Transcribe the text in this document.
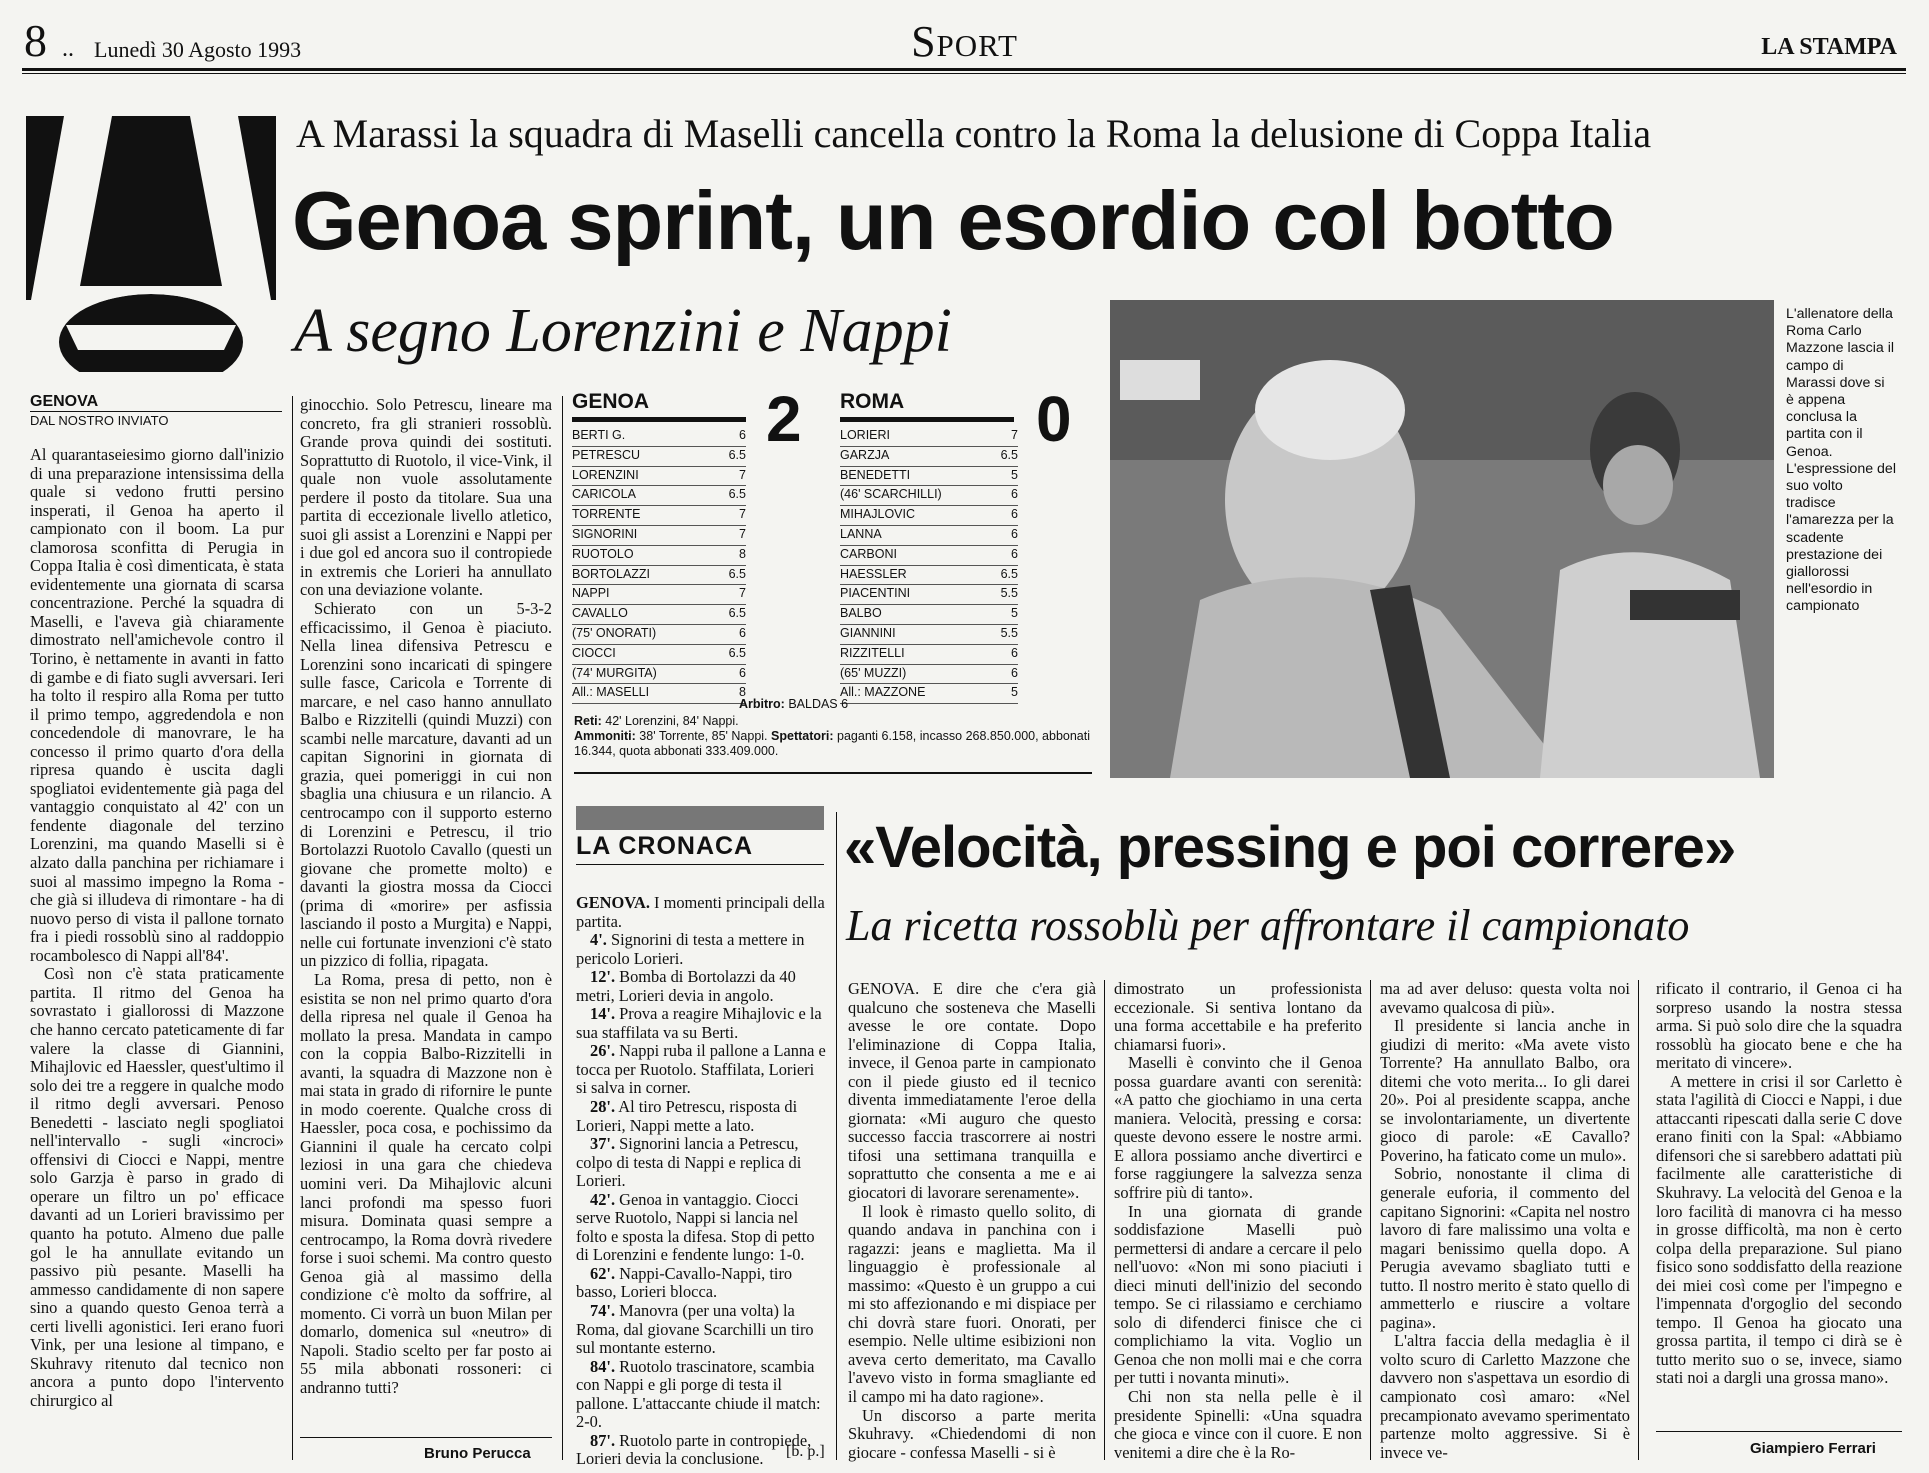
8 .. Lunedì 30 Agosto 1993	Sport	LA STAMPA
A Marassi la squadra di Maselli cancella contro la Roma la delusione di Coppa Italia
Genoa sprint, un esordio col botto
A segno Lorenzini e Nappi
GENOVA
DAL NOSTRO INVIATO

Al quarantaseiesimo giorno dall'inizio di una preparazione intensissima della quale si vedono frutti persino insperati, il Genoa ha aperto il campionato con il boom. La pur clamorosa sconfitta di Perugia in Coppa Italia è così dimenticata, è stata evidentemente una giornata di scarsa concentrazione. Perché la squadra di Maselli, e l'aveva già chiaramente dimostrato nell'amichevole contro il Torino, è nettamente in avanti in fatto di gambe e di fiato sugli avversari. Ieri ha tolto il respiro alla Roma per tutto il primo tempo, aggredendola e non concedendole di manovrare, le ha concesso il primo quarto d'ora della ripresa quando è uscita dagli spogliatoi evidentemente già paga del vantaggio conquistato al 42' con un fendente diagonale del terzino Lorenzini, ma quando Maselli si è alzato dalla panchina per richiamare i suoi al massimo impegno la Roma - che già si illudeva di rimontare - ha di nuovo perso di vista il pallone tornato fra i piedi rossoblù sino al raddoppio rocambolesco di Nappi all'84'.

Così non c'è stata praticamente partita. Il ritmo del Genoa ha sovrastato i giallorossi di Mazzone che hanno cercato pateticamente di far valere la classe di Giannini, Mihajlovic ed Haessler, quest'ultimo il solo dei tre a reggere in qualche modo il ritmo degli avversari. Penoso Benedetti - lasciato negli spogliatoi nell'intervallo - sugli «incroci» offensivi di Ciocci e Nappi, mentre solo Garzja è parso in grado di operare un filtro un po' efficace davanti ad un Lorieri bravissimo per quanto ha potuto. Almeno due palle gol le ha annullate evitando un passivo più pesante. Maselli ha ammesso candidamente di non sapere sino a quando questo Genoa terrà a certi livelli agonistici. Ieri erano fuori Vink, per una lesione al timpano, e Skuhravy ritenuto dal tecnico non ancora a punto dopo l'intervento chirurgico al

ginocchio. Solo Petrescu, lineare ma concreto, fra gli stranieri rossoblù. Grande prova quindi dei sostituti. Soprattutto di Ruotolo, il vice-Vink, il quale non vuole assolutamente perdere il posto da titolare. Sua una partita di eccezionale livello atletico, suoi gli assist a Lorenzini e Nappi per i due gol ed ancora suo il contropiede in extremis che Lorieri ha annullato con una deviazione volante.

Schierato con un 5-3-2 efficacissimo, il Genoa è piaciuto. Nella linea difensiva Petrescu e Lorenzini sono incaricati di spingere sulle fasce, Caricola e Torrente di marcare, e nel caso hanno annullato Balbo e Rizzitelli (quindi Muzzi) con scambi nelle marcature, davanti ad un capitan Signorini in giornata di grazia, quei pomeriggi in cui non sbaglia una chiusura e un rilancio. A centrocampo con il supporto esterno di Lorenzini e Petrescu, il trio Bortolazzi Ruotolo Cavallo (questi un giovane che promette molto) e davanti la giostra mossa da Ciocci (prima di «morire» per asfissia lasciando il posto a Murgita) e Nappi, nelle cui fortunate invenzioni c'è stato un pizzico di follia, ripagata.

La Roma, presa di petto, non è esistita se non nel primo quarto d'ora della ripresa nel quale il Genoa ha mollato la presa. Mandata in campo con la coppia Balbo-Rizzitelli in avanti, la squadra di Mazzone non è mai stata in grado di rifornire le punte in modo coerente. Qualche cross di Haessler, poca cosa, e pochissimo da Giannini il quale ha cercato colpi leziosi in una gara che chiedeva uomini veri. Da Mihajlovic alcuni lanci profondi ma spesso fuori misura. Dominata quasi sempre a centrocampo, la Roma dovrà rivedere forse i suoi schemi. Ma contro questo Genoa già al massimo della condizione c'è molto da soffrire, al momento. Ci vorrà un buon Milan per domarlo, domenica sul «neutro» di Napoli. Stadio scelto per far posto ai 55 mila abbonati rossoneri: ci andranno tutti?

Bruno Perucca
GENOA 2 ROMA 0
BERTI G.	6
PETRESCU	6.5
LORENZINI	7
CARICOLA	6.5
TORRENTE	7
SIGNORINI	7
RUOTOLO	8
BORTOLAZZI	6.5
NAPPI	7
CAVALLO	6.5
(75' ONORATI)	6
CIOCCI	6.5
(74' MURGITA)	6
All.: MASELLI	8
LORIERI	7
GARZJA	6.5
BENEDETTI	5
(46' SCARCHILLI)	6
MIHAJLOVIC	6
LANNA	6
CARBONI	6
HAESSLER	6.5
PIACENTINI	5.5
BALBO	5
GIANNINI	5.5
RIZZITELLI	6
(65' MUZZI)	6
All.: MAZZONE	5
Arbitro: BALDAS 6
Reti: 42' Lorenzini, 84' Nappi.
Ammoniti: 38' Torrente, 85' Nappi. Spettatori: paganti 6.158, incasso 268.850.000, abbonati 16.344, quota abbonati 333.409.000.
L'allenatore della Roma Carlo Mazzone lascia il campo di Marassi dove si è appena conclusa la partita con il Genoa. L'espressione del suo volto tradisce l'amarezza per la scadente prestazione dei giallorossi nell'esordio in campionato
LA CRONACA

GENOVA. I momenti principali della partita.

4'. Signorini di testa a mettere in pericolo Lorieri.

12'. Bomba di Bortolazzi da 40 metri, Lorieri devia in angolo.

14'. Prova a reagire Mihajlovic e la sua staffilata va su Berti.

26'. Nappi ruba il pallone a Lanna e tocca per Ruotolo. Staffilata, Lorieri si salva in corner.

28'. Al tiro Petrescu, risposta di Lorieri, Nappi mette a lato.

37'. Signorini lancia a Petrescu, colpo di testa di Nappi e replica di Lorieri.

42'. Genoa in vantaggio. Ciocci serve Ruotolo, Nappi si lancia nel folto e sposta la difesa. Stop di petto di Lorenzini e fendente lungo: 1-0.

62'. Nappi-Cavallo-Nappi, tiro basso, Lorieri blocca.

74'. Manovra (per una volta) la Roma, dal giovane Scarchilli un tiro sul montante esterno.

84'. Ruotolo trascinatore, scambia con Nappi e gli porge di testa il pallone. L'attaccante chiude il match: 2-0.

87'. Ruotolo parte in contropiede, Lorieri devia la conclusione.	[b. p.]
«Velocità, pressing e poi correre»
La ricetta rossoblù per affrontare il campionato

GENOVA. E dire che c'era già qualcuno che sosteneva che Maselli avesse le ore contate. Dopo l'eliminazione di Coppa Italia, invece, il Genoa parte in campionato con il piede giusto ed il tecnico diventa immediatamente l'eroe della giornata: «Mi auguro che questo successo faccia trascorrere ai nostri tifosi una settimana tranquilla e soprattutto che consenta a me e ai giocatori di lavorare serenamente».

Il look è rimasto quello solito, di quando andava in panchina con i ragazzi: jeans e maglietta. Ma il linguaggio è professionale al massimo: «Questo è un gruppo a cui mi sto affezionando e mi dispiace per chi dovrà stare fuori. Onorati, per esempio. Nelle ultime esibizioni non aveva certo demeritato, ma Cavallo l'avevo visto in forma smagliante ed il campo mi ha dato ragione».

Un discorso a parte merita Skuhravy. «Chiedendomi di non giocare - confessa Maselli - si è

dimostrato un professionista eccezionale. Si sentiva lontano da una forma accettabile e ha preferito chiamarsi fuori».

Maselli è convinto che il Genoa possa guardare avanti con serenità: «A patto che giochiamo in una certa maniera. Velocità, pressing e corsa: queste devono essere le nostre armi. E allora possiamo anche divertirci e forse raggiungere la salvezza senza soffrire più di tanto».

In una giornata di grande soddisfazione Maselli può permettersi di andare a cercare il pelo nell'uovo: «Non mi sono piaciuti i dieci minuti dell'inizio del secondo tempo. Se ci rilassiamo e cerchiamo solo di difenderci finisce che ci complichiamo la vita. Voglio un Genoa che non molli mai e che corra per tutti i novanta minuti».

Chi non sta nella pelle è il presidente Spinelli: «Una squadra che gioca e vince con il cuore. E non venitemi a dire che è la Ro-

ma ad aver deluso: questa volta noi avevamo qualcosa di più».

Il presidente si lancia anche in giudizi di merito: «Ma avete visto Torrente? Ha annullato Balbo, ora ditemi che voto merita... Io gli darei 20». Poi al presidente scappa, anche se involontariamente, un divertente gioco di parole: «E Cavallo? Poverino, ha faticato come un mulo».

Sobrio, nonostante il clima di generale euforia, il commento del capitano Signorini: «Capita nel nostro lavoro di fare malissimo una volta e magari benissimo quella dopo. A Perugia avevamo sbagliato tutti e tutto. Il nostro merito è stato quello di ammetterlo e riuscire a voltare pagina».

L'altra faccia della medaglia è il volto scuro di Carletto Mazzone che davvero non s'aspettava un esordio di campionato così amaro: «Nel precampionato avevamo sperimentato partenze molto aggressive. Si è invece ve-

rificato il contrario, il Genoa ci ha sorpreso usando la nostra stessa arma. Si può solo dire che la squadra rossoblù ha giocato bene e che ha meritato di vincere».

A mettere in crisi il sor Carletto è stata l'agilità di Ciocci e Nappi, i due attaccanti ripescati dalla serie C dove erano finiti con la Spal: «Abbiamo difensori che si sarebbero adattati più facilmente alle caratteristiche di Skuhravy. La velocità del Genoa e la loro facilità di manovra ci ha messo in grosse difficoltà, ma non è certo colpa della preparazione. Sul piano fisico sono soddisfatto della reazione dei miei così come per l'impegno e l'impennata d'orgoglio del secondo tempo. Il Genoa ha giocato una grossa partita, il tempo ci dirà se è tutto merito suo o se, invece, siamo stati noi a dargli una grossa mano».

Giampiero Ferrari
